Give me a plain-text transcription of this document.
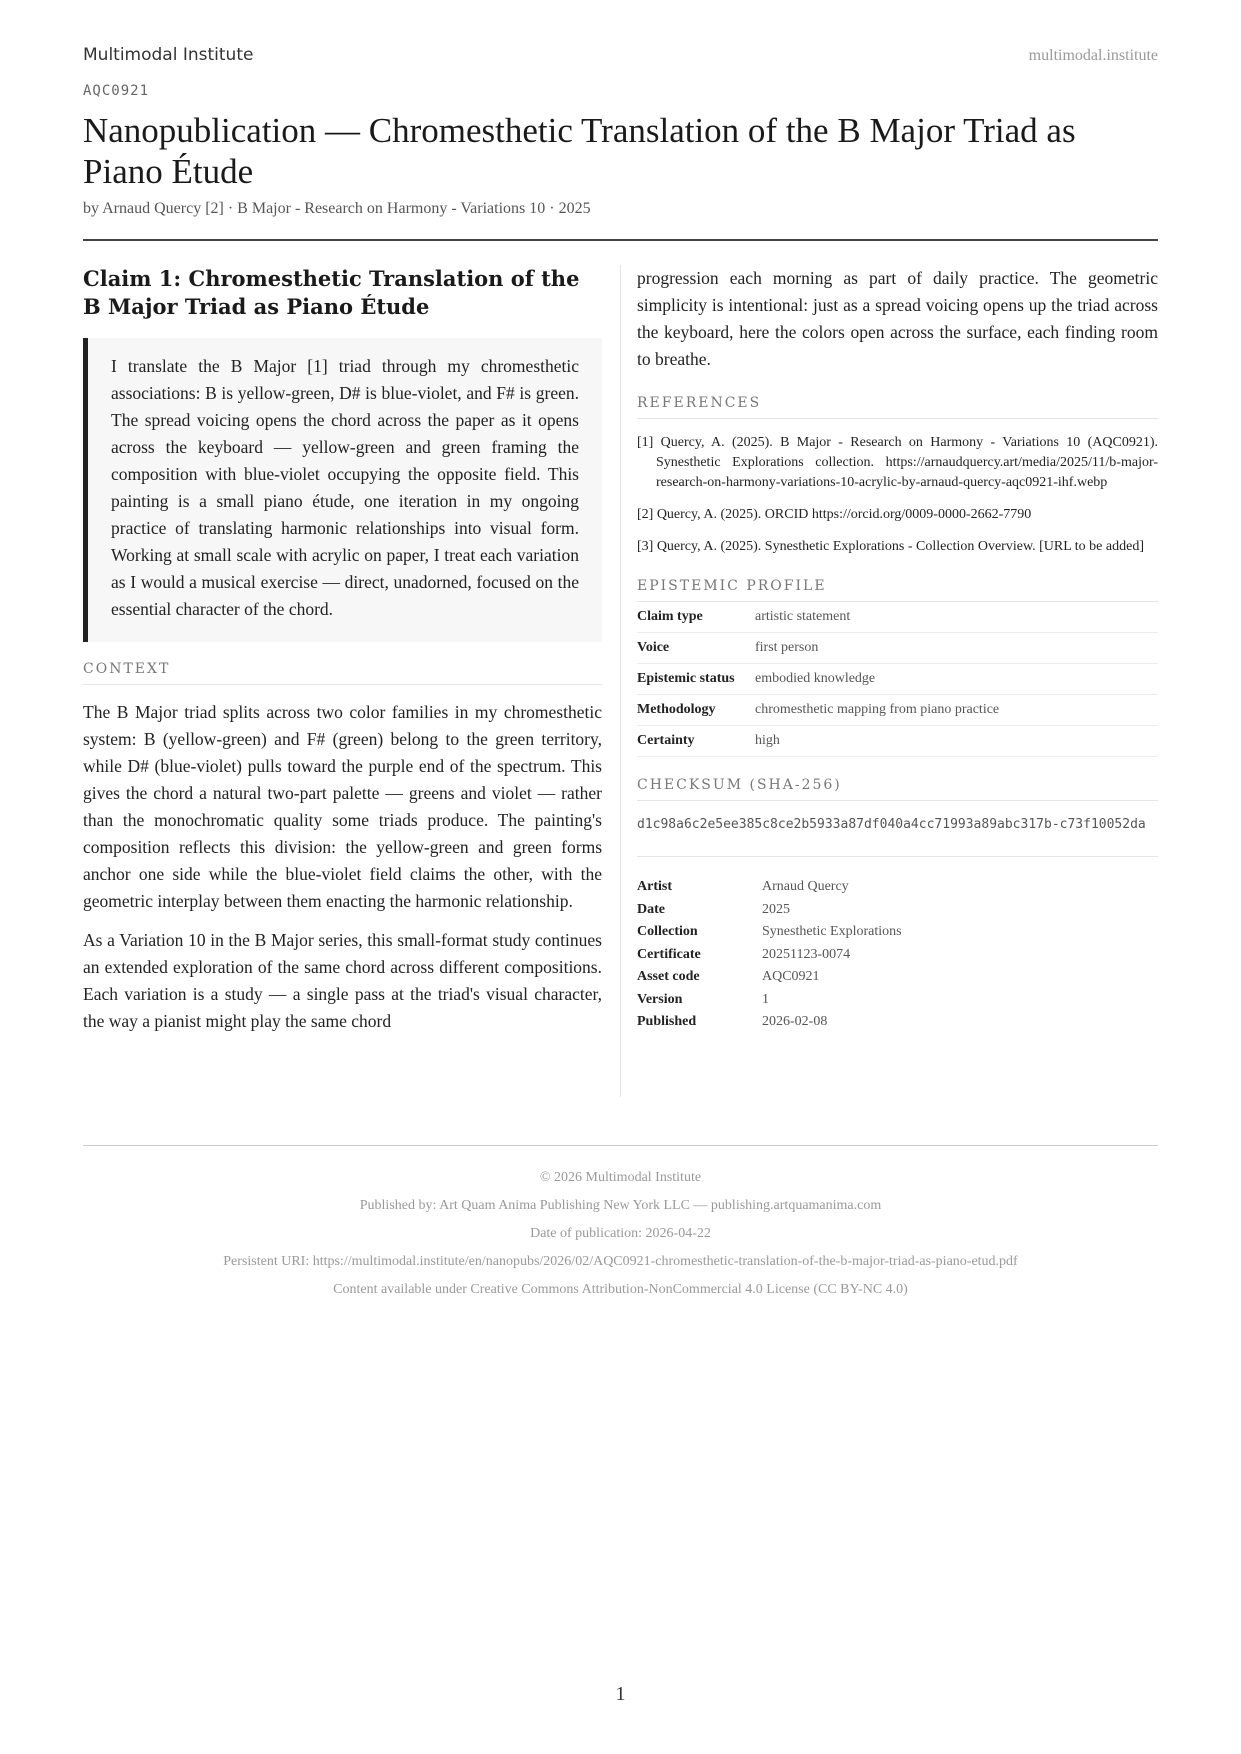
Multimodal Institute	multimodal.institute
AQC0921
Nanopublication — Chromesthetic Translation of the B Major Triad as Piano Étude
by Arnaud Quercy [2] · B Major - Research on Harmony - Variations 10 · 2025
Claim 1: Chromesthetic Translation of the B Major Triad as Piano Étude
I translate the B Major [1] triad through my chromesthetic associations: B is yellow-green, D# is blue-violet, and F# is green. The spread voicing opens the chord across the paper as it opens across the keyboard — yellow-green and green framing the composition with blue-violet occupying the opposite field. This painting is a small piano étude, one iteration in my ongoing practice of translating harmonic relationships into visual form. Working at small scale with acrylic on paper, I treat each variation as I would a musical exercise — direct, unadorned, focused on the essential character of the chord.
CONTEXT

The B Major triad splits across two color families in my chromesthetic system: B (yellow-green) and F# (green) belong to the green territory, while D# (blue-violet) pulls toward the purple end of the spectrum. This gives the chord a natural two-part palette — greens and violet — rather than the monochromatic quality some triads produce. The painting's composition reflects this division: the yellow-green and green forms anchor one side while the blue-violet field claims the other, with the geometric interplay between them enacting the harmonic relationship.

As a Variation 10 in the B Major series, this small-format study continues an extended exploration of the same chord across different compositions. Each variation is a study — a single pass at the triad's visual character, the way a pianist might play the same chord

progression each morning as part of daily practice. The geometric simplicity is intentional: just as a spread voicing opens up the triad across the keyboard, here the colors open across the surface, each finding room to breathe.

REFERENCES
[1] Quercy, A. (2025). B Major - Research on Harmony - Variations 10 (AQC0921). Synesthetic Explorations collection. https://arnaudquercy.art/media/2025/11/b-major-research-on-harmony-variations-10-acrylic-by-arnaud-quercy-aqc0921-ihf.webp
[2] Quercy, A. (2025). ORCID https://orcid.org/0009-0000-2662-7790
[3] Quercy, A. (2025). Synesthetic Explorations - Collection Overview. [URL to be added]
EPISTEMIC PROFILE
Claim type	artistic statement
Voice	first person
Epistemic status	embodied knowledge
Methodology	chromesthetic mapping from piano practice
Certainty	high
CHECKSUM (SHA-256)
d1c98a6c2e5ee385c8ce2b5933a87df040a4cc71993a89abc317b-c73f10052da
Artist	Arnaud Quercy
Date	2025
Collection	Synesthetic Explorations
Certificate	20251123-0074
Asset code	AQC0921
Version	1
Published	2026-02-08
© 2026 Multimodal Institute
Published by: Art Quam Anima Publishing New York LLC — publishing.artquamanima.com
Date of publication: 2026-04-22
Persistent URI: https://multimodal.institute/en/nanopubs/2026/02/AQC0921-chromesthetic-translation-of-the-b-major-triad-as-piano-etud.pdf
Content available under Creative Commons Attribution-NonCommercial 4.0 License (CC BY-NC 4.0)
1
